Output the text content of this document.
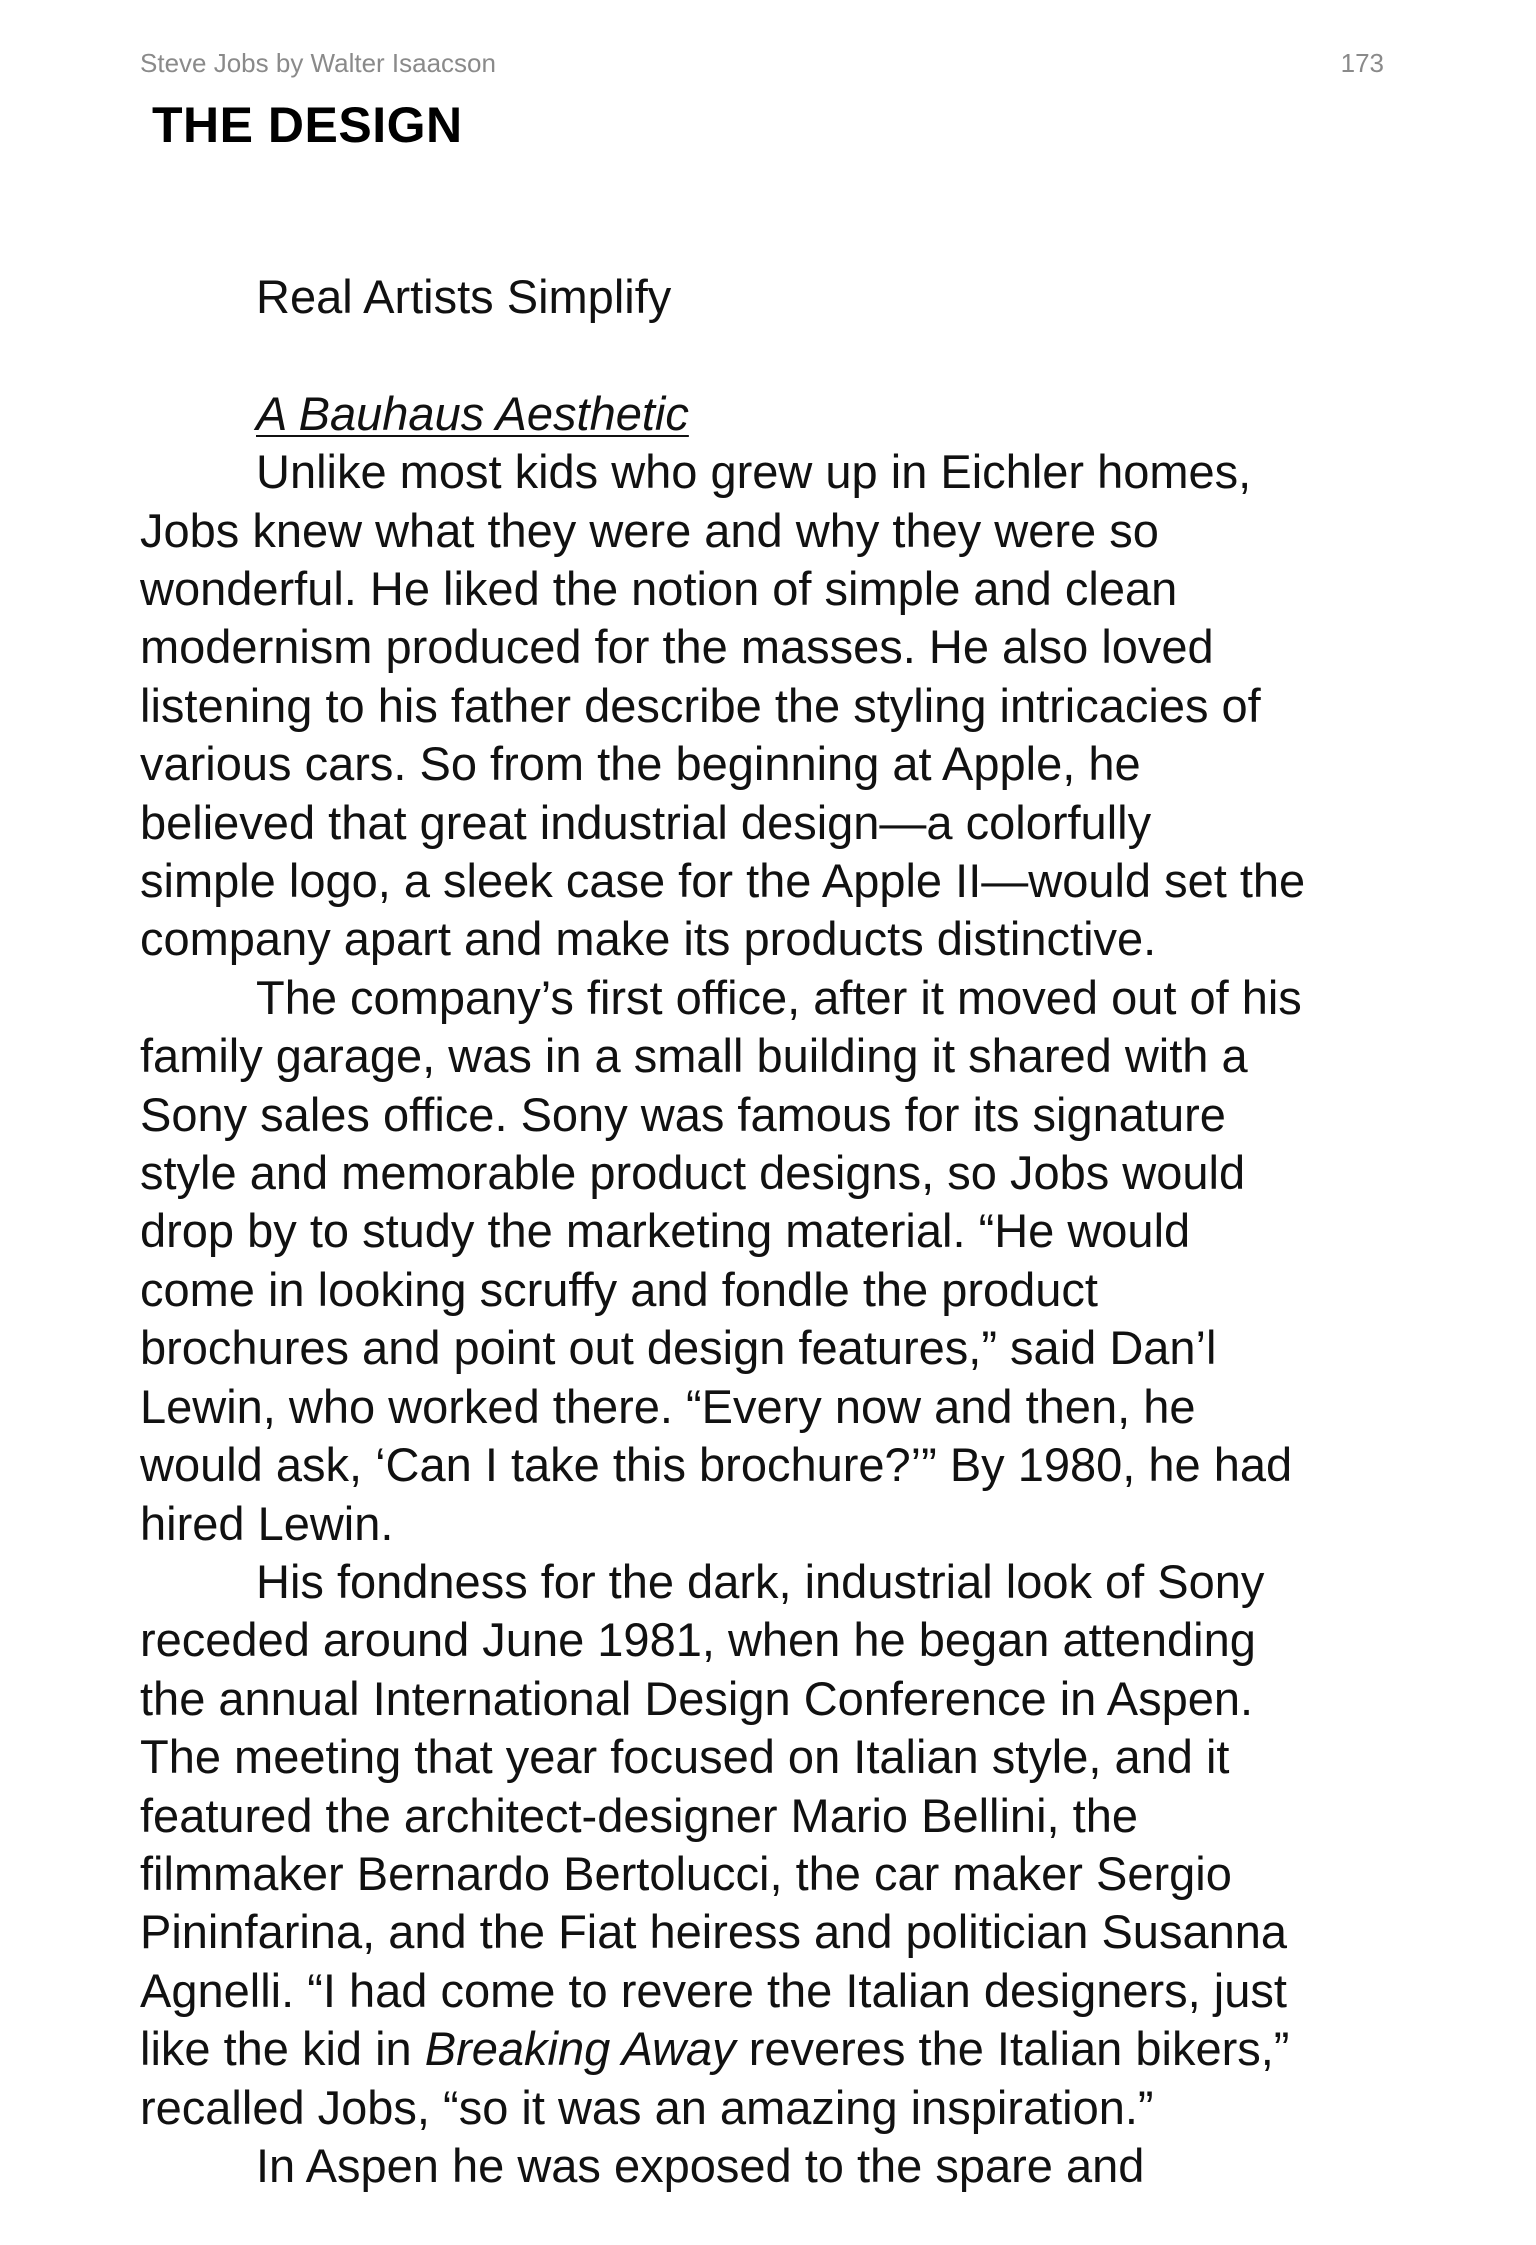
Steve Jobs by Walter Isaacson	173
THE DESIGN

Real Artists Simplify

A Bauhaus Aesthetic

Unlike most kids who grew up in Eichler homes,
Jobs knew what they were and why they were so
wonderful. He liked the notion of simple and clean
modernism produced for the masses. He also loved
listening to his father describe the styling intricacies of
various cars. So from the beginning at Apple, he
believed that great industrial design—a colorfully
simple logo, a sleek case for the Apple II—would set the
company apart and make its products distinctive.
The company’s first office, after it moved out of his
family garage, was in a small building it shared with a
Sony sales office. Sony was famous for its signature
style and memorable product designs, so Jobs would
drop by to study the marketing material. “He would
come in looking scruffy and fondle the product
brochures and point out design features,” said Dan’l
Lewin, who worked there. “Every now and then, he
would ask, ‘Can I take this brochure?’” By 1980, he had
hired Lewin.
His fondness for the dark, industrial look of Sony
receded around June 1981, when he began attending
the annual International Design Conference in Aspen.
The meeting that year focused on Italian style, and it
featured the architect-designer Mario Bellini, the
filmmaker Bernardo Bertolucci, the car maker Sergio
Pininfarina, and the Fiat heiress and politician Susanna
Agnelli. “I had come to revere the Italian designers, just
like the kid in Breaking Away reveres the Italian bikers,”
recalled Jobs, “so it was an amazing inspiration.”
In Aspen he was exposed to the spare and
